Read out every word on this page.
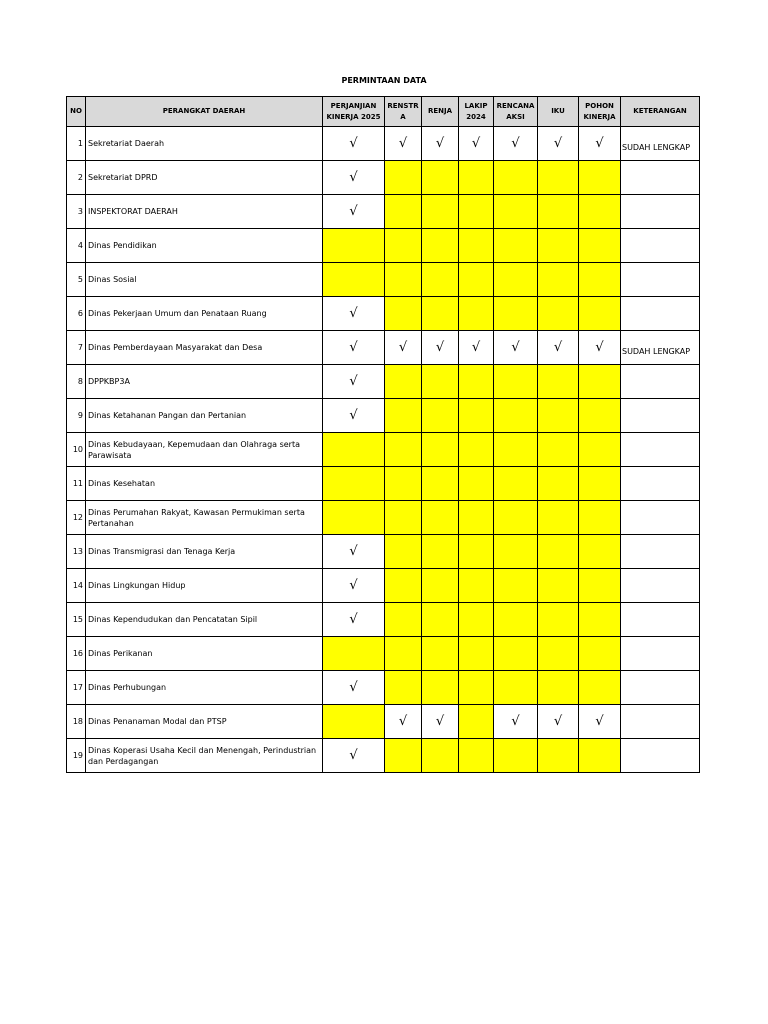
PERMINTAAN DATA
NO	PERANGKAT DAERAH	PERJANJIAN KINERJA 2025	RENSTR A	RENJA	LAKIP 2024	RENCANA AKSI	IKU	POHON KINERJA	KETERANGAN
1	Sekretariat Daerah	√	√	√	√	√	√	√	SUDAH LENGKAP
2	Sekretariat DPRD	√							
3	INSPEKTORAT DAERAH	√							
4	Dinas Pendidikan								
5	Dinas Sosial								
6	Dinas Pekerjaan Umum dan Penataan Ruang	√							
7	Dinas Pemberdayaan Masyarakat dan Desa	√	√	√	√	√	√	√	SUDAH LENGKAP
8	DPPKBP3A	√							
9	Dinas Ketahanan Pangan dan Pertanian	√							
10	Dinas Kebudayaan, Kepemudaan dan Olahraga serta Parawisata								
11	Dinas Kesehatan								
12	Dinas Perumahan Rakyat, Kawasan Permukiman serta Pertanahan								
13	Dinas Transmigrasi dan Tenaga Kerja	√							
14	Dinas Lingkungan Hidup	√							
15	Dinas Kependudukan dan Pencatatan Sipil	√							
16	Dinas Perikanan								
17	Dinas Perhubungan	√							
18	Dinas Penanaman Modal dan PTSP		√	√		√	√	√	
19	Dinas Koperasi Usaha Kecil dan Menengah, Perindustrian dan Perdagangan	√							
